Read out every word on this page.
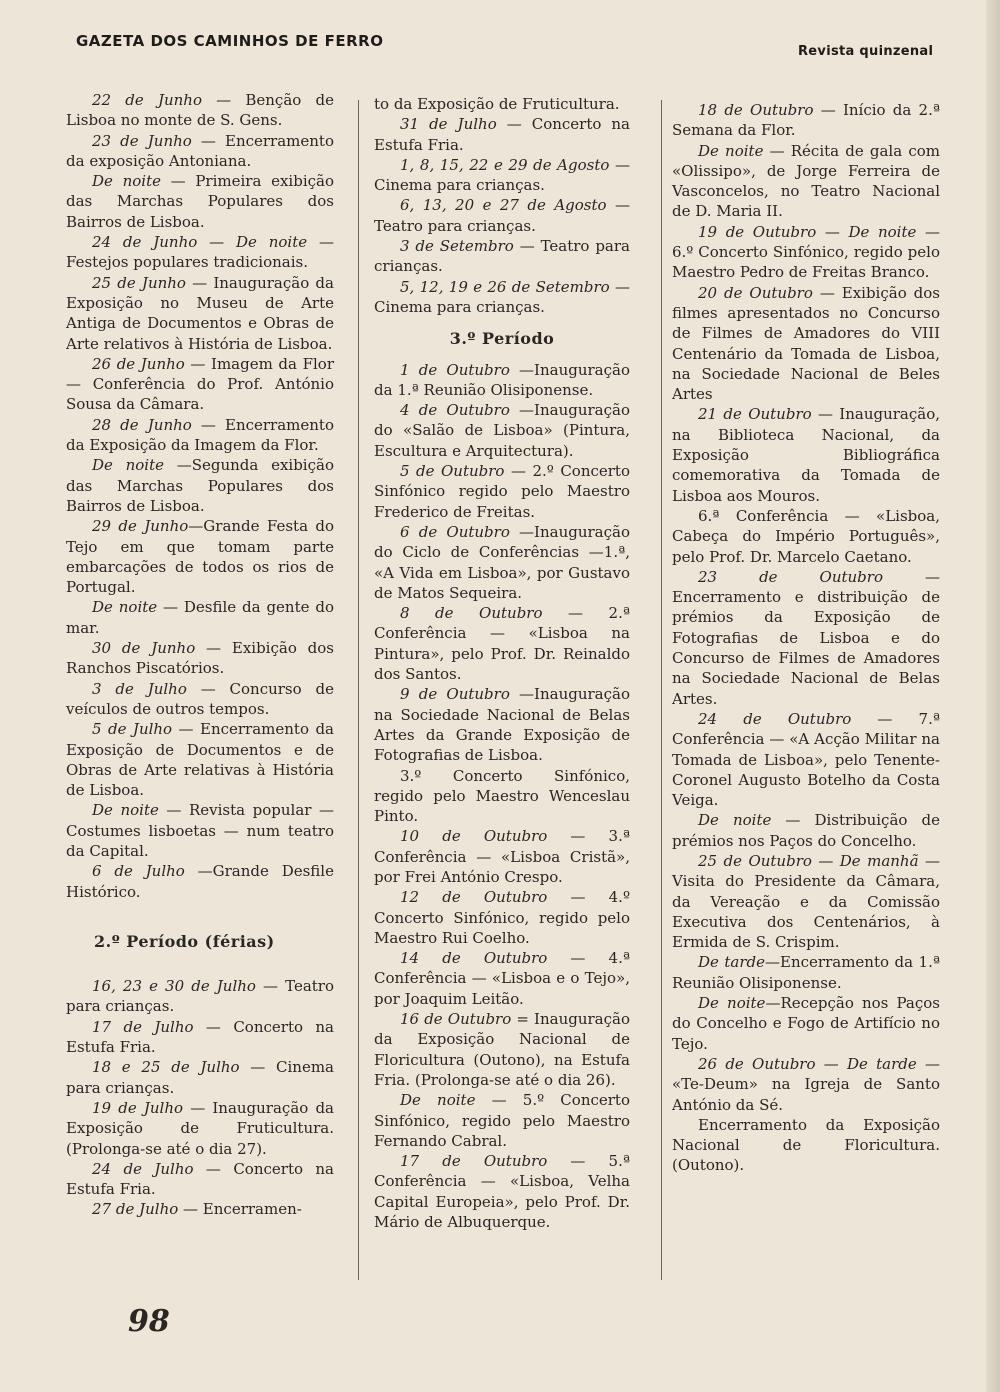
GAZETA DOS CAMINHOS DE FERRO
Revista quinzenal

22 de Junho — Benção de Lisboa no monte de S. Gens.

23 de Junho — Encerramento da exposição Antoniana.

De noite — Primeira exibição das Marchas Populares dos Bairros de Lisboa.

24 de Junho — De noite — Festejos populares tradicionais.

25 de Junho — Inauguração da Exposição no Museu de Arte Antiga de Documentos e Obras de Arte relativos à História de Lisboa.

26 de Junho — Imagem da Flor — Conferência do Prof. António Sousa da Câmara.

28 de Junho — Encerramento da Exposição da Imagem da Flor.

De noite —Segunda exibição das Marchas Populares dos Bairros de Lisboa.

29 de Junho—Grande Festa do Tejo em que tomam parte embarcações de todos os rios de Portugal.

De noite — Desfile da gente do mar.

30 de Junho — Exibição dos Ranchos Piscatórios.

3 de Julho — Concurso de veículos de outros tempos.

5 de Julho — Encerramento da Exposição de Documentos e de Obras de Arte relativas à História de Lisboa.

De noite — Revista popular — Costumes lisboetas — num teatro da Capital.

6 de Julho —Grande Desfile Histórico.

2.º Período (férias)

16, 23 e 30 de Julho — Teatro para crianças.

17 de Julho — Concerto na Estufa Fria.

18 e 25 de Julho — Cinema para crianças.

19 de Julho — Inauguração da Exposição de Fruticultura. (Prolonga-se até o dia 27).

24 de Julho — Concerto na Estufa Fria.

27 de Julho — Encerramen-

to da Exposição de Fruticultura.

31 de Julho — Concerto na Estufa Fria.

1, 8, 15, 22 e 29 de Agosto — Cinema para crianças.

6, 13, 20 e 27 de Agosto — Teatro para crianças.

3 de Setembro — Teatro para crianças.

5, 12, 19 e 26 de Setembro — Cinema para crianças.

3.º Período

1 de Outubro —Inauguração da 1.ª Reunião Olisiponense.

4 de Outubro —Inauguração do «Salão de Lisboa» (Pintura, Escultura e Arquitectura).

5 de Outubro — 2.º Concerto Sinfónico regido pelo Maestro Frederico de Freitas.

6 de Outubro —Inauguração do Ciclo de Conferências —1.ª, «A Vida em Lisboa», por Gustavo de Matos Sequeira.

8 de Outubro — 2.ª Conferência — «Lisboa na Pintura», pelo Prof. Dr. Reinaldo dos Santos.

9 de Outubro —Inauguração na Sociedade Nacional de Belas Artes da Grande Exposição de Fotografias de Lisboa.

3.º Concerto Sinfónico, regido pelo Maestro Wenceslau Pinto.

10 de Outubro — 3.ª Conferência — «Lisboa Cristã», por Frei António Crespo.

12 de Outubro — 4.º Concerto Sinfónico, regido pelo Maestro Rui Coelho.

14 de Outubro — 4.ª Conferência — «Lisboa e o Tejo», por Joaquim Leitão.

16 de Outubro = Inauguração da Exposição Nacional de Floricultura (Outono), na Estufa Fria. (Prolonga-se até o dia 26).

De noite — 5.º Concerto Sinfónico, regido pelo Maestro Fernando Cabral.

17 de Outubro — 5.ª Conferência — «Lisboa, Velha Capital Europeia», pelo Prof. Dr. Mário de Albuquerque.

18 de Outubro — Início da 2.ª Semana da Flor.

De noite — Récita de gala com «Olissipo», de Jorge Ferreira de Vasconcelos, no Teatro Nacional de D. Maria II.

19 de Outubro — De noite — 6.º Concerto Sinfónico, regido pelo Maestro Pedro de Freitas Branco.

20 de Outubro — Exibição dos filmes apresentados no Concurso de Filmes de Amadores do VIII Centenário da Tomada de Lisboa, na Sociedade Nacional de Beles Artes

21 de Outubro — Inauguração, na Biblioteca Nacional, da Exposição Bibliográfica comemorativa da Tomada de Lisboa aos Mouros.

6.ª Conferência — «Lisboa, Cabeça do Império Português», pelo Prof. Dr. Marcelo Caetano.

23 de Outubro — Encerramento e distribuição de prémios da Exposição de Fotografias de Lisboa e do Concurso de Filmes de Amadores na Sociedade Nacional de Belas Artes.

24 de Outubro — 7.ª Conferência — «A Acção Militar na Tomada de Lisboa», pelo Tenente-Coronel Augusto Botelho da Costa Veiga.

De noite — Distribuição de prémios nos Paços do Concelho.

25 de Outubro — De manhã — Visita do Presidente da Câmara, da Vereação e da Comissão Executiva dos Centenários, à Ermida de S. Crispim.

De tarde—Encerramento da 1.ª Reunião Olisiponense.

De noite—Recepção nos Paços do Concelho e Fogo de Artifício no Tejo.

26 de Outubro — De tarde — «Te-Deum» na Igreja de Santo António da Sé.

Encerramento da Exposição Nacional de Floricultura. (Outono).

98
